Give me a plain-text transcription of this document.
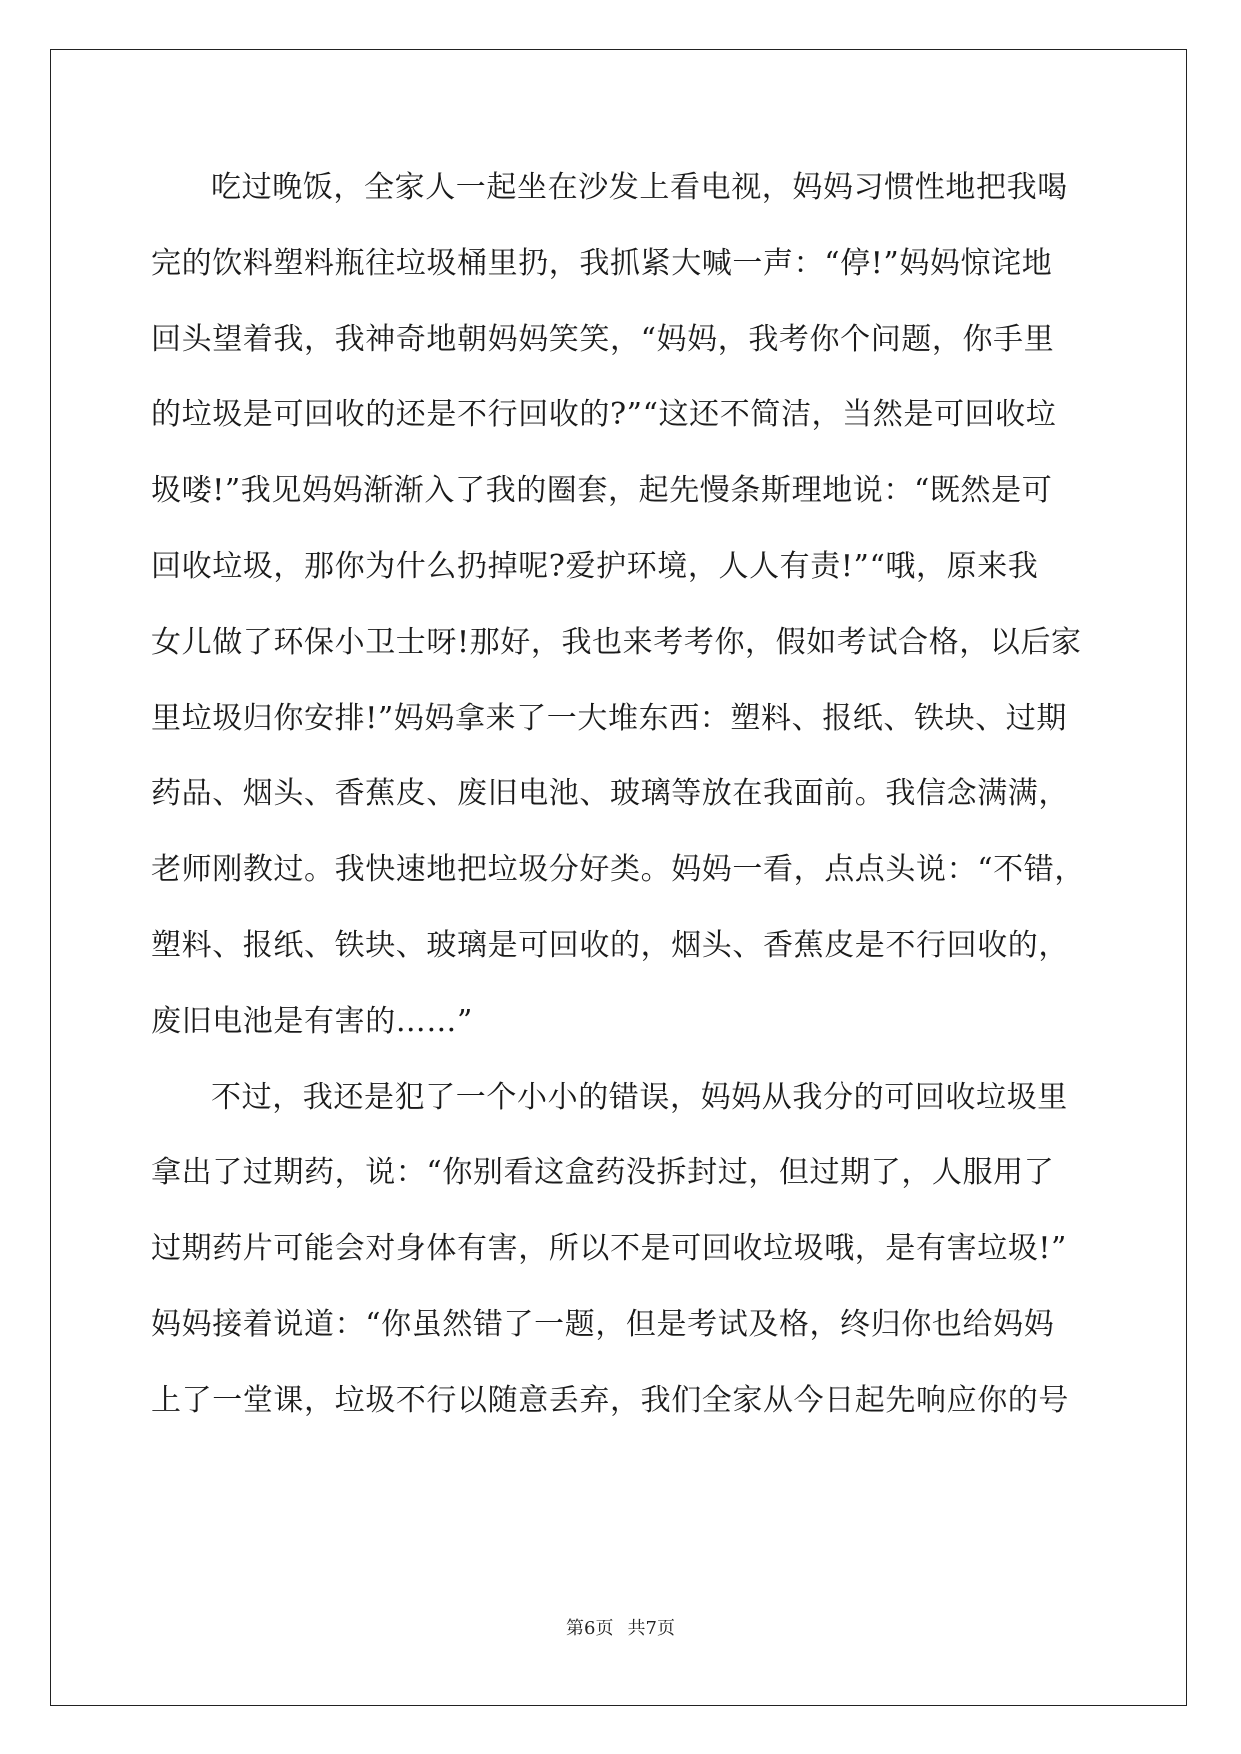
吃过晚饭，全家人一起坐在沙发上看电视，妈妈习惯性地把我喝
完的饮料塑料瓶往垃圾桶里扔，我抓紧大喊一声：“停!”妈妈惊诧地
回头望着我，我神奇地朝妈妈笑笑，“妈妈，我考你个问题，你手里
的垃圾是可回收的还是不行回收的?”“这还不简洁，当然是可回收垃
圾喽!”我见妈妈渐渐入了我的圈套，起先慢条斯理地说：“既然是可
回收垃圾，那你为什么扔掉呢?爱护环境，人人有责!”“哦，原来我
女儿做了环保小卫士呀!那好，我也来考考你，假如考试合格，以后家
里垃圾归你安排!”妈妈拿来了一大堆东西：塑料、报纸、铁块、过期
药品、烟头、香蕉皮、废旧电池、玻璃等放在我面前。我信念满满，
老师刚教过。我快速地把垃圾分好类。妈妈一看，点点头说：“不错，
塑料、报纸、铁块、玻璃是可回收的，烟头、香蕉皮是不行回收的，
废旧电池是有害的……”
不过，我还是犯了一个小小的错误，妈妈从我分的可回收垃圾里
拿出了过期药，说：“你别看这盒药没拆封过，但过期了，人服用了
过期药片可能会对身体有害，所以不是可回收垃圾哦，是有害垃圾!”
妈妈接着说道：“你虽然错了一题，但是考试及格，终归你也给妈妈
上了一堂课，垃圾不行以随意丢弃，我们全家从今日起先响应你的号
第6页 共7页
